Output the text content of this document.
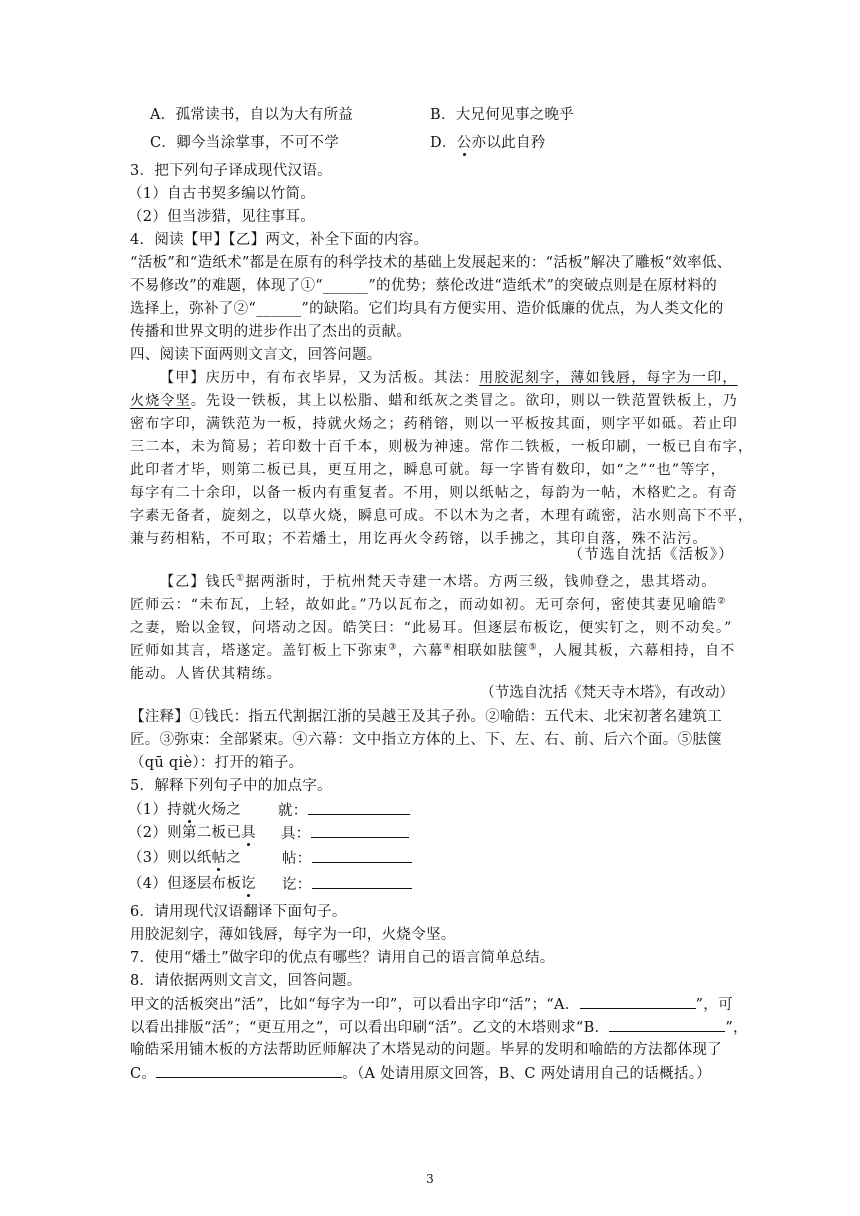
A．孤常读书，自以为大有所益	B．大兄何见事之晚乎
C．卿今当涂掌事，不可不学	D．公亦以此自矜
3．把下列句子译成现代汉语。
（1）自古书契多编以竹简。
（2）但当涉猎，见往事耳。
4．阅读【甲】【乙】两文，补全下面的内容。
“活板”和“造纸术”都是在原有的科学技术的基础上发展起来的：“活板”解决了雕板“效率低、
不易修改”的难题，体现了①“______”的优势；蔡伦改进“造纸术”的突破点则是在原材料的
选择上，弥补了②“______”的缺陷。它们均具有方便实用、造价低廉的优点，为人类文化的
传播和世界文明的进步作出了杰出的贡献。
四、阅读下面两则文言文，回答问题。
【甲】庆历中，有布衣毕昇，又为活板。其法：用胶泥刻字，薄如钱唇，每字为一印，
火烧令坚。先设一铁板，其上以松脂、蜡和纸灰之类冒之。欲印，则以一铁范置铁板上，乃
密布字印，满铁范为一板，持就火炀之；药稍镕，则以一平板按其面，则字平如砥。若止印
三二本，未为简易；若印数十百千本，则极为神速。常作二铁板，一板印刷，一板已自布字，
此印者才毕，则第二板已具，更互用之，瞬息可就。每一字皆有数印，如“之”“也”等字，
每字有二十余印，以备一板内有重复者。不用，则以纸帖之，每韵为一帖，木格贮之。有奇
字素无备者，旋刻之，以草火烧，瞬息可成。不以木为之者，木理有疏密，沾水则高下不平，
兼与药相粘，不可取；不若燔土，用讫再火令药镕，以手拂之，其印自落，殊不沾污。
（节选自沈括《活板》）
【乙】钱氏①据两浙时，于杭州梵天寺建一木塔。方两三级，钱帅登之，患其塔动。
匠师云：“未布瓦，上轻，故如此。”乃以瓦布之，而动如初。无可奈何，密使其妻见喻皓②
之妻，贻以金钗，问塔动之因。皓笑曰：“此易耳。但逐层布板讫，便实钉之，则不动矣。”
匠师如其言，塔遂定。盖钉板上下弥束③，六幕④相联如胠箧⑤，人履其板，六幕相持，自不
能动。人皆伏其精练。
（节选自沈括《梵天寺木塔》，有改动）
【注释】①钱氏：指五代割据江浙的吴越王及其子孙。②喻皓：五代末、北宋初著名建筑工
匠。③弥束：全部紧束。④六幕：文中指立方体的上、下、左、右、前、后六个面。⑤胠箧
（qū qiè）：打开的箱子。
5．解释下列句子中的加点字。
（1）持就火炀之	就：
（2）则第二板已具 具：
（3）则以纸帖之	帖：
（4）但逐层布板讫 讫：
6．请用现代汉语翻译下面句子。
用胶泥刻字，薄如钱唇，每字为一印，火烧令坚。
7．使用“燔土”做字印的优点有哪些？请用自己的语言简单总结。
8．请依据两则文言文，回答问题。
甲文的活板突出“活”，比如“每字为一印”，可以看出字印“活”；“A．	”，可
以看出排版“活”；“更互用之”，可以看出印刷“活”。乙文的木塔则求“B．	”，
喻皓采用铺木板的方法帮助匠师解决了木塔晃动的问题。毕昇的发明和喻皓的方法都体现了
C。	。（A 处请用原文回答，B、C 两处请用自己的话概括。）
3
